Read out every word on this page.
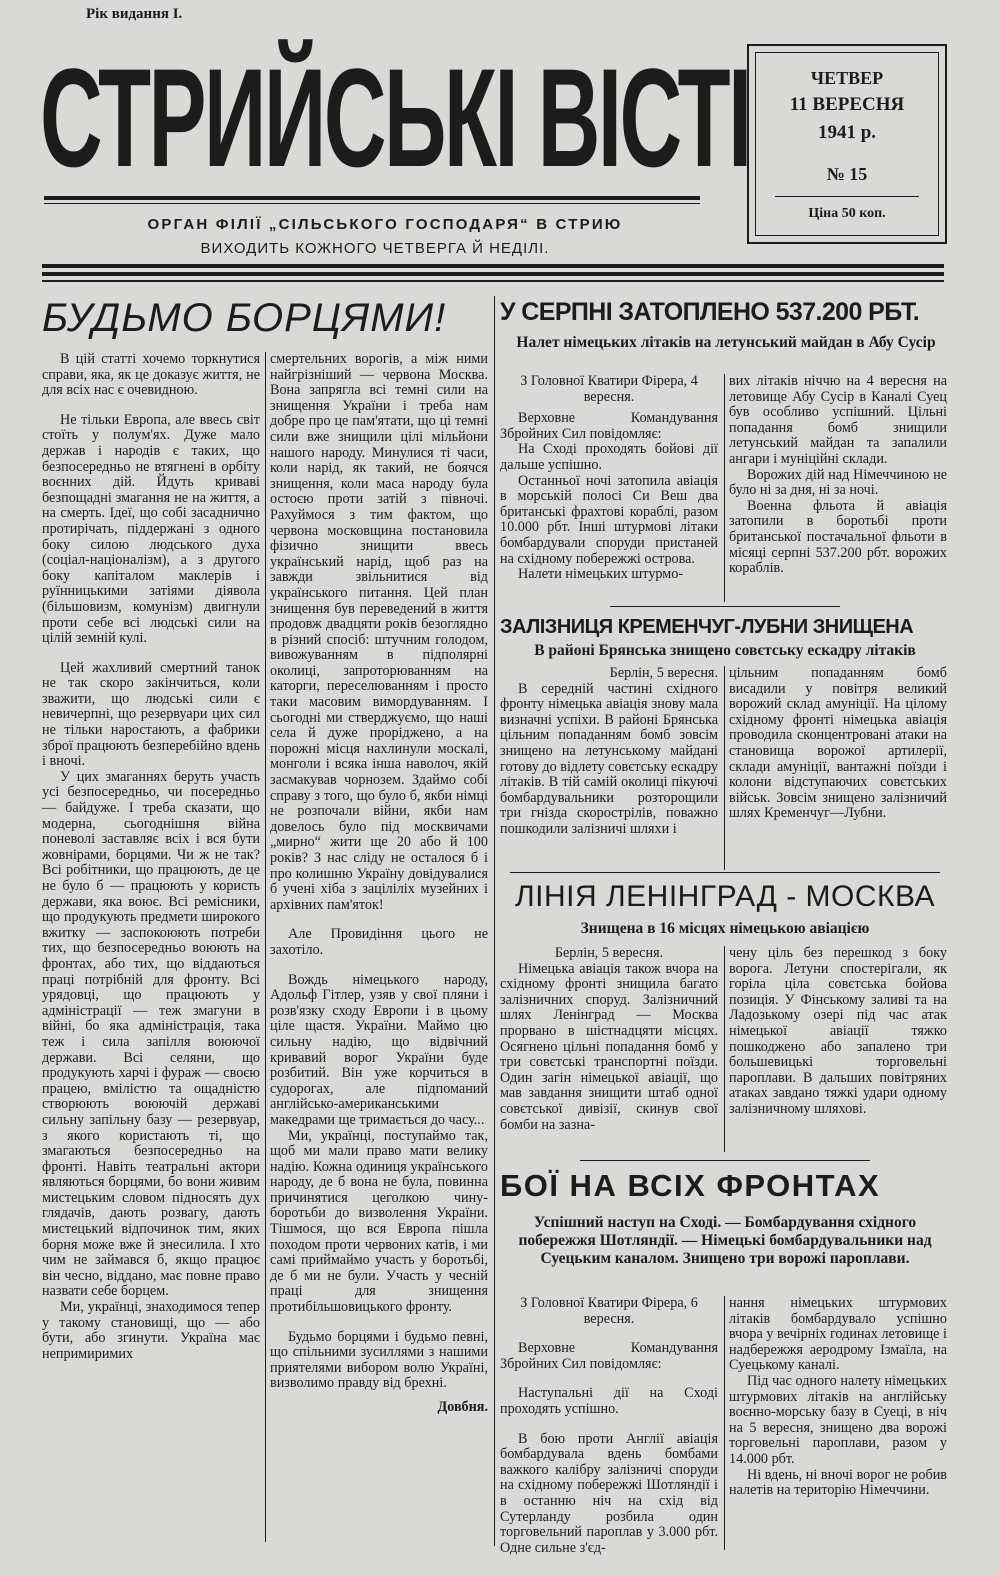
Рік видання I.
СТРИЙСЬКІ ВІСТІ
ОРГАН ФІЛІЇ „СІЛЬСЬКОГО ГОСПОДАРЯ“ В СТРИЮ
ВИХОДИТЬ КОЖНОГО ЧЕТВЕРГА Й НЕДІЛІ.
ЧЕТВЕР
11 ВЕРЕСНЯ
1941 р.
№ 15
Ціна 50 коп.
БУДЬМО БОРЦЯМИ!

В цій статті хочемо торкнутися справи, яка, як це доказує життя, не для всіх нас є очевидною.

Не тільки Европа, але ввесь світ стоїть у полум'ях. Дуже мало держав і народів є таких, що безпосередньо не втягнені в орбіту воєнних дій. Йдуть криваві безпощадні змагання не на життя, а на смерть. Ідеї, що собі засаднично протирічать, піддержані з одного боку силою людського духа (соціал-націоналізм), а з другого боку капіталом маклерів і руїнницькими затіями діявола (більшовизм, комунізм) двигнули проти себе всі людські сили на цілій земній кулі.

Цей жахливий смертний танок не так скоро закінчиться, коли зважити, що людські сили є невичерпні, що резервуари цих сил не тільки наростають, а фабрики зброї працюють безперебійно вдень і вночі.

У цих змаганнях беруть участь усі безпосередньо, чи посередньо — байдуже. І треба сказати, що модерна, сьогоднішня війна поневолі заставляє всіх і вся бути жовнірами, борцями. Чи ж не так? Всі робітники, що працюють, де це не було б — працюють у користь держави, яка воює. Всі ремісники, що продукують предмети широкого вжитку — заспокоюють потреби тих, що безпосередньо воюють на фронтах, або тих, що віддаються праці потрібній для фронту. Всі урядовці, що працюють у адміністрації — теж змагуни в війні, бо яка адміністрація, така теж і сила запілля воюючої держави. Всі селяни, що продукують харчі і фураж — своєю працею, вмілістю та ощадністю створюють воюючій державі сильну запільну базу — резервуар, з якого користають ті, що змагаються безпосередньо на фронті. Навіть театральні актори являються борцями, бо вони живим мистецьким словом підносять дух глядачів, дають розвагу, дають мистецький відпочинок тим, яких борня може вже й знесилила. І хто чим не займався б, якщо працює він чесно, віддано, має повне право назвати себе борцем.

Ми, українці, знаходимося тепер у такому становищі, що — або бути, або згинути. Україна має непримиримих

смертельних ворогів, а між ними найгрізніший — червона Москва. Вона запрягла всі темні сили на знищення України і треба нам добре про це пам'ятати, що ці темні сили вже знищили цілі мільйони нашого народу. Минулися ті часи, коли нарід, як такий, не боячся знищення, коли маса народу була остоєю проти затій з півночі. Рахуймося з тим фактом, що червона московщина постановила фізично знищити ввесь український нарід, щоб раз на завжди звільнитися від українського питання. Цей план знищення був переведений в життя продовж двадцяти років безоглядно в різний спосіб: штучним голодом, вивожуванням в підполярні околиці, запроторюванням на каторги, переселюванням і просто таки масовим вимордуванням. І сьогодні ми стверджуємо, що наші села й дуже проріджено, а на порожні місця нахлинули москалі, монголи і всяка інша наволоч, якій засмакував чорнозем. Здаймо собі справу з того, що було б, якби німці не розпочали війни, якби нам довелось було під москвичами „мирно“ жити ще 20 або й 100 років? З нас сліду не осталося б і про колишню Україну довідувалися б учені хіба з заціліліх музейних і архівних пам'яток!

Але Провидіння цього не захотіло.

Вождь німецького народу, Адольф Гітлер, узяв у свої пляни і розв'язку сходу Европи і в цьому ціле щастя. України. Маймо цю сильну надію, що відвічний кривавий ворог України буде розбитий. Він уже корчиться в судорогах, але підпоманий англійсько-американськими македрами ще тримається до часу...

Ми, українці, поступаймо так, щоб ми мали право мати велику надію. Кожна одиниця українського народу, де б вона не була, повинна причинятися цеголкою чину-боротьби до визволення України. Тішмося, що вся Европа пішла походом проти червоних катів, і ми самі приймаймо участь у боротьбі, де б ми не були. Участь у чесній праці для знищення протибільшовицького фронту.

Будьмо борцями і будьмо певні, що спільними зусиллями з нашими приятелями вибором волю Україні, визволимо правду від брехні.

Довбня.

У СЕРПНІ ЗАТОПЛЕНО 537.200 РБТ.
Налет німецьких літаків на летунський майдан в Абу Сусір

З Головної Кватири Фірера, 4 вересня.

Верховне Командування Збройних Сил повідомляє:

На Сході проходять бойові дії дальше успішно.

Останньої ночі затопила авіація в морській полосі Си Веш два британські фрахтові кораблі, разом 10.000 рбт. Інші штурмові літаки бомбардували споруди пристаней на східному побережжі острова.

Налети німецьких штурмо-

вих літаків ніччю на 4 вересня на летовище Абу Сусір в Каналі Суец був особливо успішний. Цільні попадання бомб знищили летунський майдан та запалили ангари і муніційні склади.

Ворожих дій над Німеччиною не було ні за дня, ні за ночі.

Военна фльота й авіація затопили в боротьбі проти британської постачальної фльоти в місяці серпні 537.200 рбт. ворожих кораблів.

ЗАЛІЗНИЦЯ КРЕМЕНЧУГ-ЛУБНИ ЗНИЩЕНА
В районі Брянська знищено совєтську ескадру літаків

Берлін, 5 вересня.

В середній частині східного фронту німецька авіація знову мала визначні успіхи. В районі Брянська цільним попаданням бомб зовсім знищено на летунському майдані готову до відлету совєтську ескадру літаків. В тій самій околиці пікуючі бомбардувальники розторощили три гнізда скорострілів, поважно пошкодили залізничі шляхи і

цільним попаданням бомб висадили у повітря великий ворожий склад амуніції. На цілому східному фронті німецька авіація проводила сконцентровані атаки на становища ворожої артилерії, склади амуніції, вантажні поїзди і колони відступаючих совєтських військ. Зовсім знищено залізничий шлях Кременчуг—Лубни.

ЛІНІЯ ЛЕНІНГРАД - МОСКВА
Знищена в 16 місцях німецькою авіацією

Берлін, 5 вересня.

Німецька авіація також вчора на східному фронті знищила багато залізничних споруд. Залізничний шлях Ленінград — Москва прорвано в шістнадцяти місцях. Осягнено цільні попадання бомб у три совєтські транспортні поїзди. Один загін німецької авіації, що мав завдання знищити штаб одної совєтської дивізії, скинув свої бомби на зазна-

чену ціль без перешкод з боку ворога. Летуни спостерігали, як горіла ціла совєтська бойова позиція. У Фінському заливі та на Ладозькому озері під час атак німецької авіації тяжко пошкоджено або запалено три большевицькі торговельні пароплави. В дальших повітряних атаках завдано тяжкі удари одному залізничному шляхові.

БОЇ НА ВСІХ ФРОНТАХ
Успішний наступ на Сході. — Бомбардування східного побережжя Шотляндії. — Німецькі бомбардувальники над Суецьким каналом. Знищено три ворожі пароплави.

З Головної Кватири Фірера, 6 вересня.

Верховне Командування Збройних Сил повідомляє:

Наступальні дії на Сході проходять успішно.

В бою проти Англії авіація бомбардувала вдень бомбами важкого калібру залізничі споруди на східному побережжі Шотляндії і в останню ніч на схід від Сутерланду розбила один торговельний пароплав у 3.000 рбт. Одне сильне з'єд-

нання німецьких штурмових літаків бомбардувало успішно вчора у вечірніх годинах летовище і надбережжя аеродрому Ізмаїла, на Суецькому каналі.

Під час одного налету німецьких штурмових літаків на англійську воєнно-морську базу в Суеці, в ніч на 5 вересня, знищено два ворожі торговельні пароплави, разом у 14.000 рбт.

Ні вдень, ні вночі ворог не робив налетів на територію Німеччини.
